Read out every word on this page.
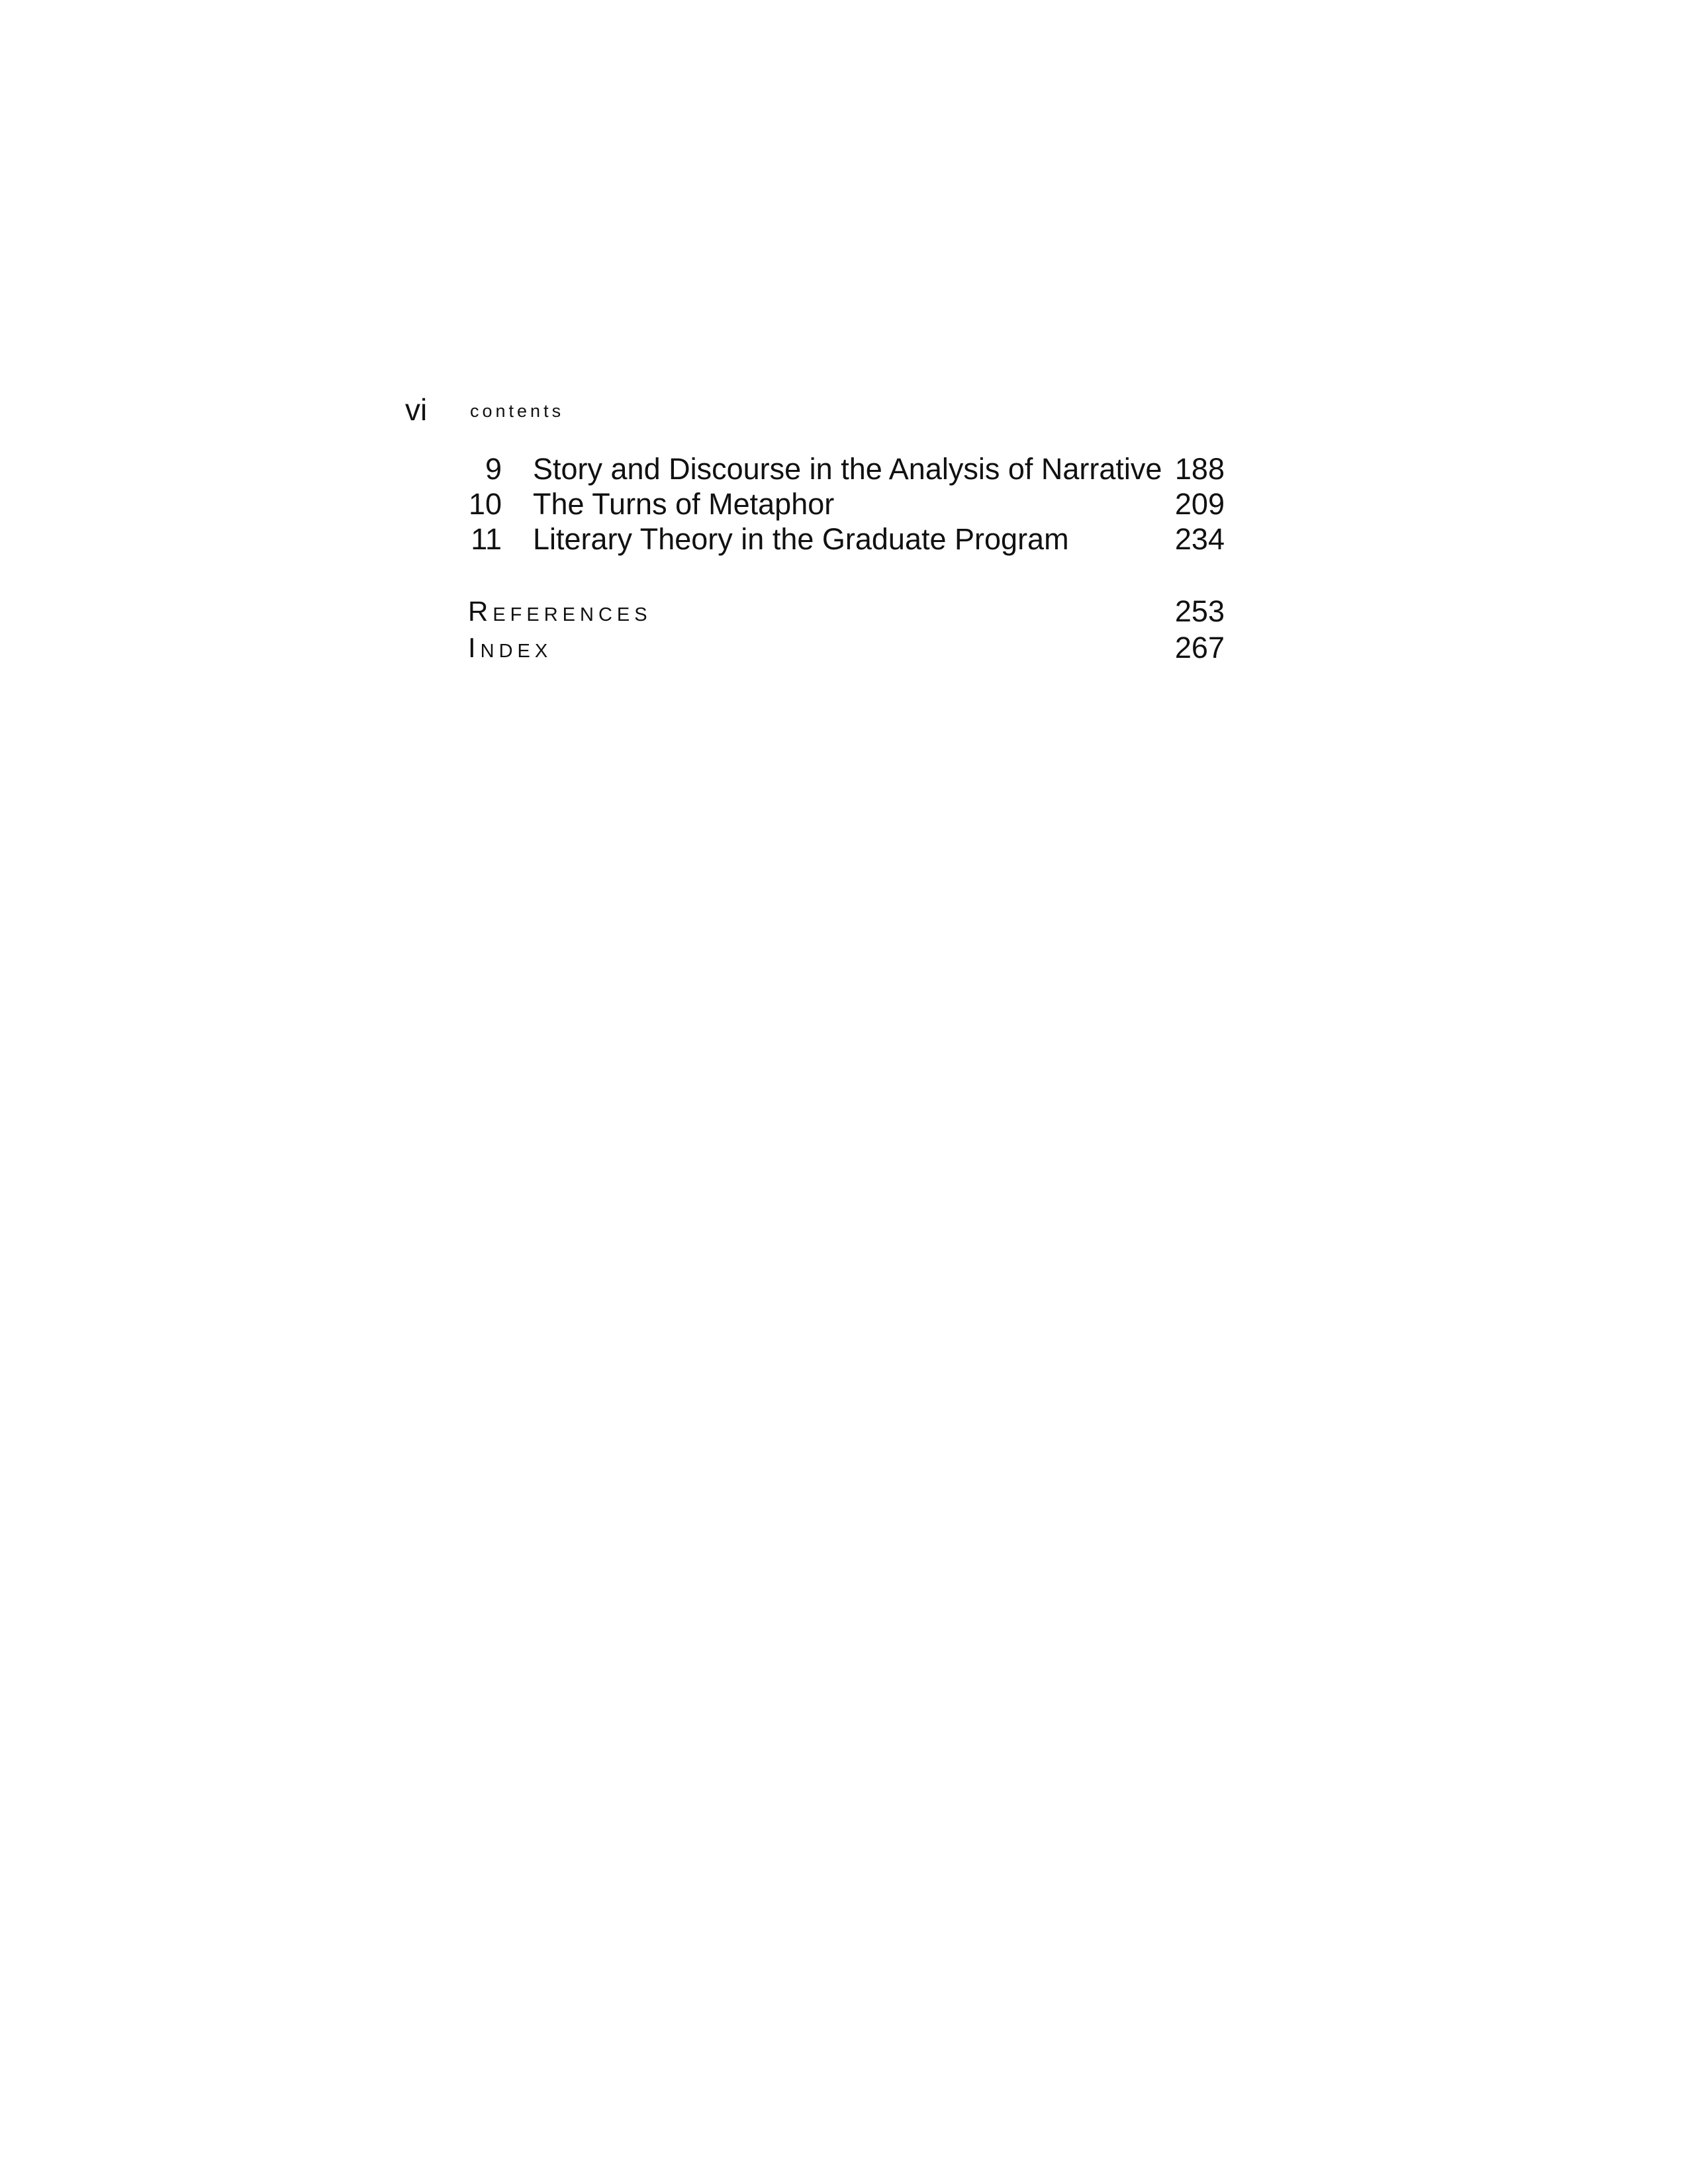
vi contents
9 Story and Discourse in the Analysis of Narrative 188
10 The Turns of Metaphor	209
11 Literary Theory in the Graduate Program	234
References	253
Index	267
